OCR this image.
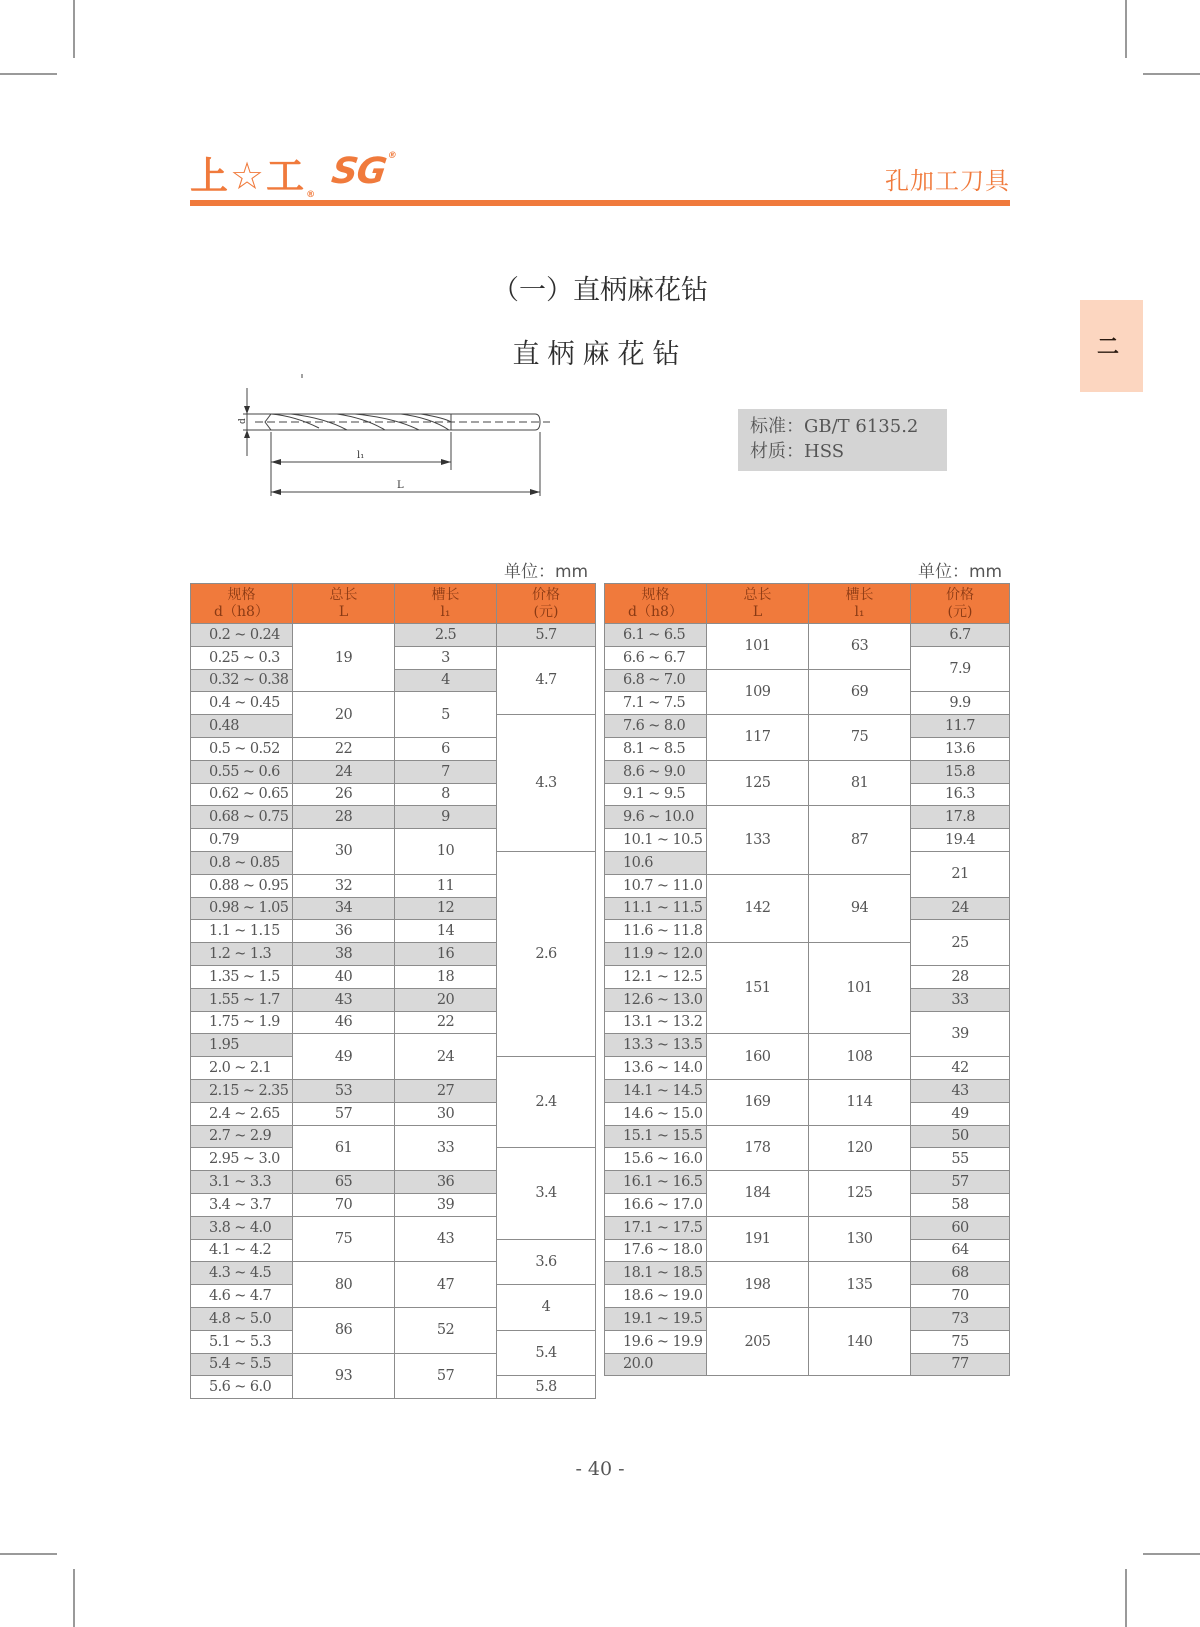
上☆工®
SG®
孔加工刀具
二
（一）直柄麻花钻
直柄麻花钻
d
l₁
L
标准：GB/T 6135.2
材质：HSS
单位：mm	单位：mm
规格
d（h8）

总长
L

槽长
l₁

价格
(元)

0.2 ~ 0.24	19	2.5	5.7
0.25 ~ 0.3		3	4.7
0.32 ~ 0.38		4	
0.4 ~ 0.45	20	5	
0.48			4.3
0.5 ~ 0.52	22	6	
0.55 ~ 0.6	24	7	
0.62 ~ 0.65	26	8	
0.68 ~ 0.75	28	9	
0.79	30	10	
0.8 ~ 0.85			2.6
0.88 ~ 0.95	32	11	
0.98 ~ 1.05	34	12	
1.1 ~ 1.15	36	14	
1.2 ~ 1.3	38	16	
1.35 ~ 1.5	40	18	
1.55 ~ 1.7	43	20	
1.75 ~ 1.9	46	22	
1.95	49	24	
2.0 ~ 2.1			2.4
2.15 ~ 2.35	53	27	
2.4 ~ 2.65	57	30	
2.7 ~ 2.9	61	33	
2.95 ~ 3.0			3.4
3.1 ~ 3.3	65	36	
3.4 ~ 3.7	70	39	
3.8 ~ 4.0	75	43	
4.1 ~ 4.2			3.6
4.3 ~ 4.5	80	47	
4.6 ~ 4.7			4
4.8 ~ 5.0	86	52	
5.1 ~ 5.3			5.4
5.4 ~ 5.5	93	57	
5.6 ~ 6.0			5.8
规格
d（h8）

总长
L

槽长
l₁

价格
(元)

6.1 ~ 6.5	101	63	6.7
6.6 ~ 6.7			7.9
6.8 ~ 7.0	109	69	
7.1 ~ 7.5			9.9
7.6 ~ 8.0	117	75	11.7
8.1 ~ 8.5			13.6
8.6 ~ 9.0	125	81	15.8
9.1 ~ 9.5			16.3
9.6 ~ 10.0	133	87	17.8
10.1 ~ 10.5			19.4
10.6			21
10.7 ~ 11.0	142	94	
11.1 ~ 11.5			24
11.6 ~ 11.8			25
11.9 ~ 12.0	151	101	
12.1 ~ 12.5			28
12.6 ~ 13.0			33
13.1 ~ 13.2			39
13.3 ~ 13.5	160	108	
13.6 ~ 14.0			42
14.1 ~ 14.5	169	114	43
14.6 ~ 15.0			49
15.1 ~ 15.5	178	120	50
15.6 ~ 16.0			55
16.1 ~ 16.5	184	125	57
16.6 ~ 17.0			58
17.1 ~ 17.5	191	130	60
17.6 ~ 18.0			64
18.1 ~ 18.5	198	135	68
18.6 ~ 19.0			70
19.1 ~ 19.5	205	140	73
19.6 ~ 19.9			75
20.0			77
- 40 -
